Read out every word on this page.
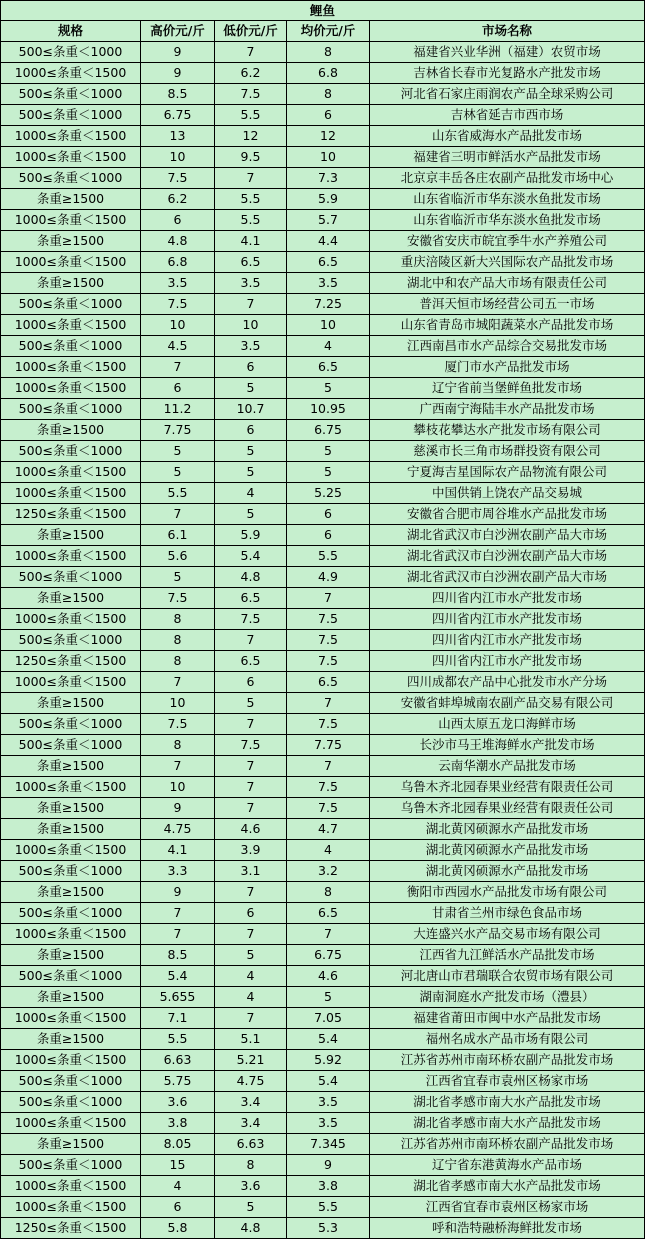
鲤鱼				
规格	高价元/斤	低价元/斤	均价元/斤	市场名称
500≤条重＜1000	9	7	8	福建省兴业华洲（福建）农贸市场
1000≤条重＜1500	9	6.2	6.8	吉林省长春市光复路水产批发市场
500≤条重＜1000	8.5	7.5	8	河北省石家庄雨润农产品全球采购公司
500≤条重＜1000	6.75	5.5	6	吉林省延吉市西市场
1000≤条重＜1500	13	12	12	山东省威海水产品批发市场
1000≤条重＜1500	10	9.5	10	福建省三明市鲜活水产品批发市场
500≤条重＜1000	7.5	7	7.3	北京京丰岳各庄农副产品批发市场中心
条重≥1500	6.2	5.5	5.9	山东省临沂市华东淡水鱼批发市场
1000≤条重＜1500	6	5.5	5.7	山东省临沂市华东淡水鱼批发市场
条重≥1500	4.8	4.1	4.4	安徽省安庆市皖宜季牛水产养殖公司
1000≤条重＜1500	6.8	6.5	6.5	重庆涪陵区新大兴国际农产品批发市场
条重≥1500	3.5	3.5	3.5	湖北中和农产品大市场有限责任公司
500≤条重＜1000	7.5	7	7.25	普洱天恒市场经营公司五一市场
1000≤条重＜1500	10	10	10	山东省青岛市城阳蔬菜水产品批发市场
500≤条重＜1000	4.5	3.5	4	江西南昌市水产品综合交易批发市场
1000≤条重＜1500	7	6	6.5	厦门市水产品批发市场
1000≤条重＜1500	6	5	5	辽宁省前当堡鲜鱼批发市场
500≤条重＜1000	11.2	10.7	10.95	广西南宁海陆丰水产品批发市场
条重≥1500	7.75	6	6.75	攀枝花攀达水产批发市场有限公司
500≤条重＜1000	5	5	5	慈溪市长三角市场群投资有限公司
1000≤条重＜1500	5	5	5	宁夏海吉星国际农产品物流有限公司
1000≤条重＜1500	5.5	4	5.25	中国供销上饶农产品交易城
1250≤条重＜1500	7	5	6	安徽省合肥市周谷堆水产品批发市场
条重≥1500	6.1	5.9	6	湖北省武汉市白沙洲农副产品大市场
1000≤条重＜1500	5.6	5.4	5.5	湖北省武汉市白沙洲农副产品大市场
500≤条重＜1000	5	4.8	4.9	湖北省武汉市白沙洲农副产品大市场
条重≥1500	7.5	6.5	7	四川省内江市水产批发市场
1000≤条重＜1500	8	7.5	7.5	四川省内江市水产批发市场
500≤条重＜1000	8	7	7.5	四川省内江市水产批发市场
1250≤条重＜1500	8	6.5	7.5	四川省内江市水产批发市场
1000≤条重＜1500	7	6	6.5	四川成都农产品中心批发市水产分场
条重≥1500	10	5	7	安徽省蚌埠城南农副产品交易有限公司
500≤条重＜1000	7.5	7	7.5	山西太原五龙口海鲜市场
500≤条重＜1000	8	7.5	7.75	长沙市马王堆海鲜水产批发市场
条重≥1500	7	7	7	云南华潮水产品批发市场
1000≤条重＜1500	10	7	7.5	乌鲁木齐北园春果业经营有限责任公司
条重≥1500	9	7	7.5	乌鲁木齐北园春果业经营有限责任公司
条重≥1500	4.75	4.6	4.7	湖北黄冈硕源水产品批发市场
1000≤条重＜1500	4.1	3.9	4	湖北黄冈硕源水产品批发市场
500≤条重＜1000	3.3	3.1	3.2	湖北黄冈硕源水产品批发市场
条重≥1500	9	7	8	衡阳市西园水产品批发市场有限公司
500≤条重＜1000	7	6	6.5	甘肃省兰州市绿色食品市场
1000≤条重＜1500	7	7	7	大连盛兴水产品交易市场有限公司
条重≥1500	8.5	5	6.75	江西省九江鲜活水产品批发市场
500≤条重＜1000	5.4	4	4.6	河北唐山市君瑞联合农贸市场有限公司
条重≥1500	5.655	4	5	湖南洞庭水产批发市场（澧县）
1000≤条重＜1500	7.1	7	7.05	福建省莆田市闽中水产品批发市场
条重≥1500	5.5	5.1	5.4	福州名成水产品市场有限公司
1000≤条重＜1500	6.63	5.21	5.92	江苏省苏州市南环桥农副产品批发市场
500≤条重＜1000	5.75	4.75	5.4	江西省宜春市袁州区杨家市场
500≤条重＜1000	3.6	3.4	3.5	湖北省孝感市南大水产品批发市场
1000≤条重＜1500	3.8	3.4	3.5	湖北省孝感市南大水产品批发市场
条重≥1500	8.05	6.63	7.345	江苏省苏州市南环桥农副产品批发市场
500≤条重＜1000	15	8	9	辽宁省东港黄海水产品市场
1000≤条重＜1500	4	3.6	3.8	湖北省孝感市南大水产品批发市场
1000≤条重＜1500	6	5	5.5	江西省宜春市袁州区杨家市场
1250≤条重＜1500	5.8	4.8	5.3	呼和浩特融桥海鲜批发市场
